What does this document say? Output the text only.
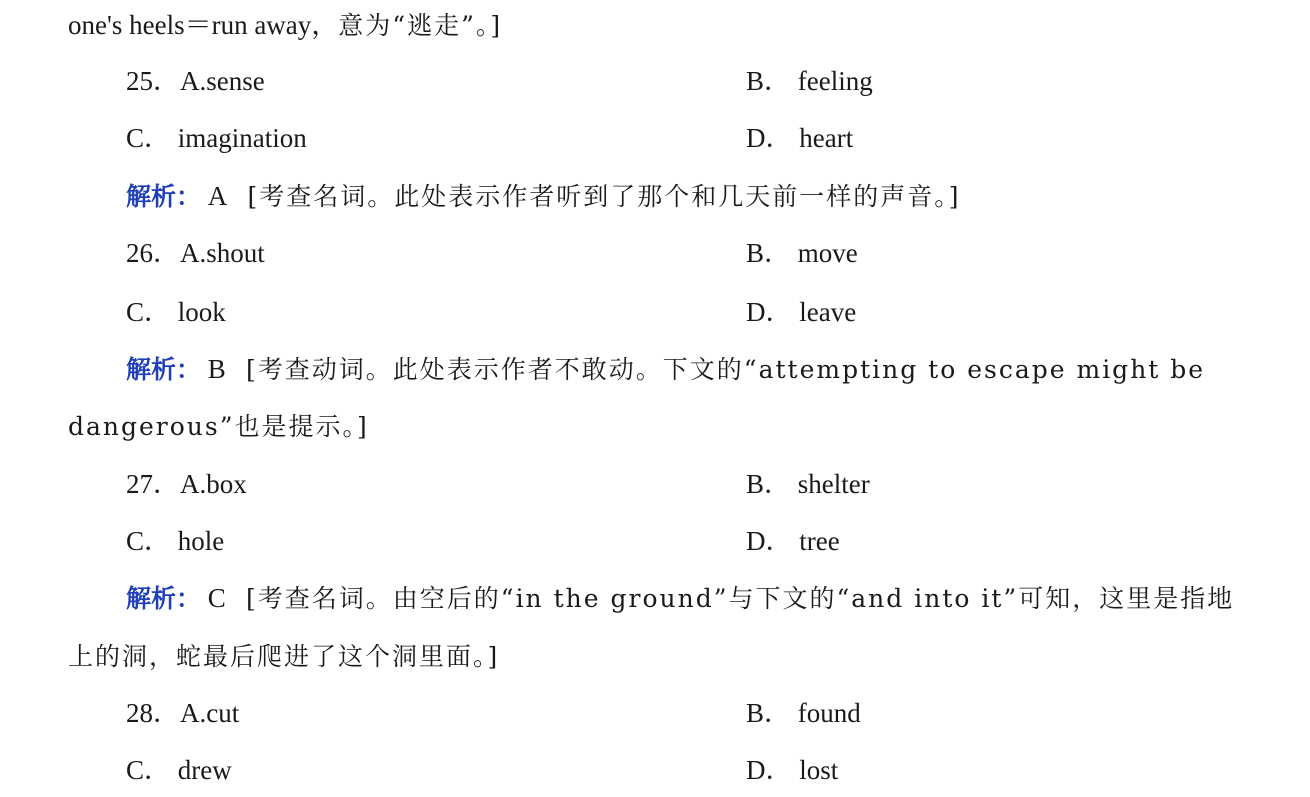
one's heels＝run away，意为“逃走”。]
25．A.sense	B． feeling
C． imagination	D． heart
解析： A [考查名词。此处表示作者听到了那个和几天前一样的声音。]
26．A.shout	B． move
C． look	D． leave
解析： B [考查动词。此处表示作者不敢动。下文的“attempting to escape might be
dangerous”也是提示。]
27．A.box	B． shelter
C． hole	D． tree
解析： C [考查名词。由空后的“in the ground”与下文的“and into it”可知，这里是指地
上的洞，蛇最后爬进了这个洞里面。]
28．A.cut	B． found
C． drew	D． lost
